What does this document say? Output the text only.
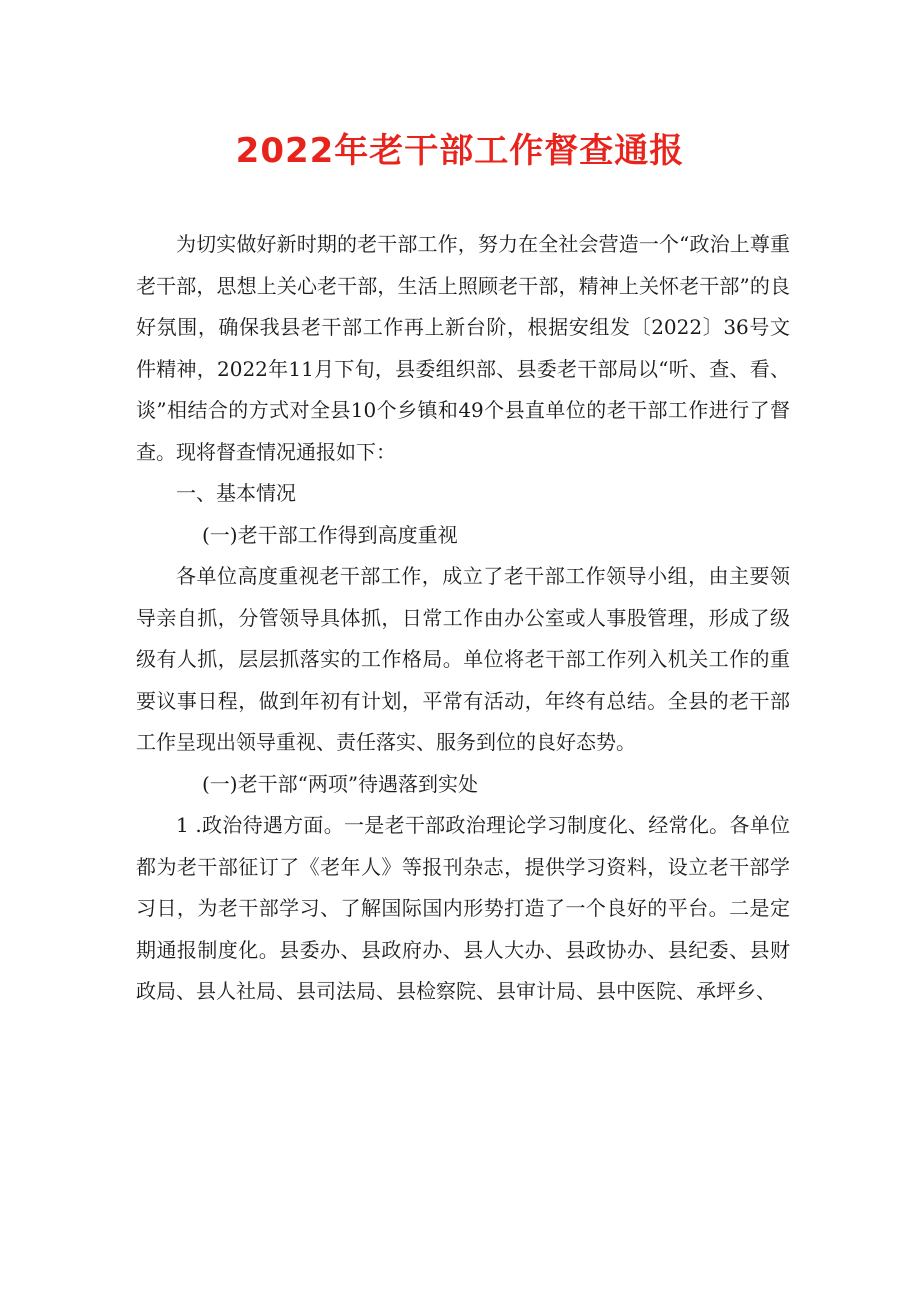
2022年老干部工作督查通报

为切实做好新时期的老干部工作，努力在全社会营造一个“政治上尊重老干部，思想上关心老干部，生活上照顾老干部，精神上关怀老干部”的良好氛围，确保我县老干部工作再上新台阶，根据安组发〔2022〕36号文件精神，2022年11月下旬，县委组织部、县委老干部局以“听、查、看、谈”相结合的方式对全县10个乡镇和49个县直单位的老干部工作进行了督查。现将督查情况通报如下：

一、基本情况

(一)老干部工作得到高度重视

各单位高度重视老干部工作，成立了老干部工作领导小组，由主要领导亲自抓，分管领导具体抓，日常工作由办公室或人事股管理，形成了级级有人抓，层层抓落实的工作格局。单位将老干部工作列入机关工作的重要议事日程，做到年初有计划，平常有活动，年终有总结。全县的老干部工作呈现出领导重视、责任落实、服务到位的良好态势。

(一)老干部“两项”待遇落到实处

1 .政治待遇方面。一是老干部政治理论学习制度化、经常化。各单位都为老干部征订了《老年人》等报刊杂志，提供学习资料，设立老干部学习日，为老干部学习、了解国际国内形势打造了一个良好的平台。二是定期通报制度化。县委办、县政府办、县人大办、县政协办、县纪委、县财政局、县人社局、县司法局、县检察院、县审计局、县中医院、承坪乡、
